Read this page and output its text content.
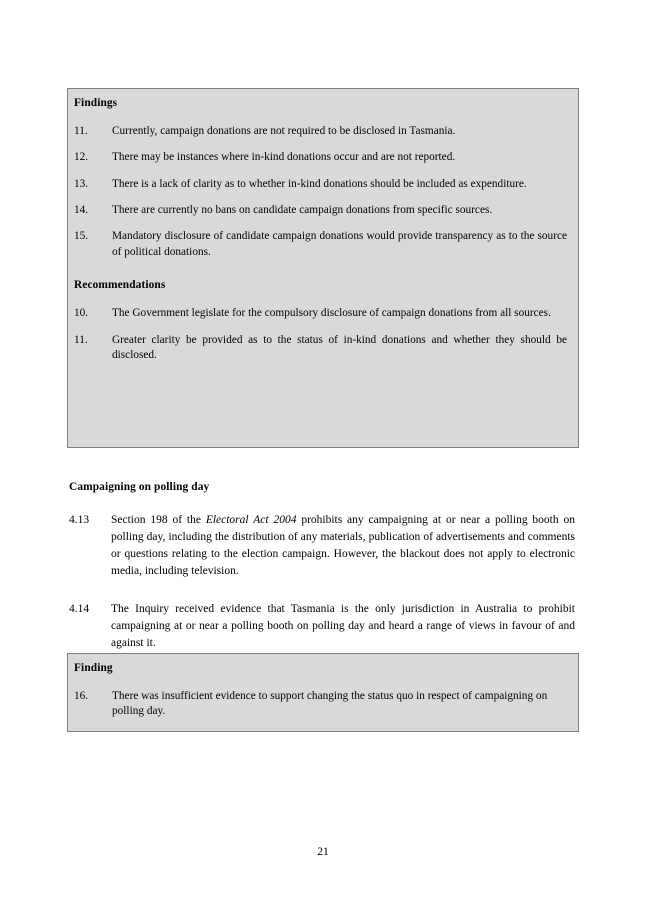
Findings
11.	Currently, campaign donations are not required to be disclosed in Tasmania.
12.	There may be instances where in-kind donations occur and are not reported.
13.	There is a lack of clarity as to whether in-kind donations should be included as expenditure.
14.	There are currently no bans on candidate campaign donations from specific sources.
15.	Mandatory disclosure of candidate campaign donations would provide transparency as to the source of political donations.
Recommendations
10.	The Government legislate for the compulsory disclosure of campaign donations from all sources.
11.	Greater clarity be provided as to the status of in-kind donations and whether they should be disclosed.
Campaigning on polling day
4.13	Section 198 of the Electoral Act 2004 prohibits any campaigning at or near a polling booth on polling day, including the distribution of any materials, publication of advertisements and comments or questions relating to the election campaign. However, the blackout does not apply to electronic media, including television.
4.14	The Inquiry received evidence that Tasmania is the only jurisdiction in Australia to prohibit campaigning at or near a polling booth on polling day and heard a range of views in favour of and against it.
Finding
16.	There was insufficient evidence to support changing the status quo in respect of campaigning on polling day.
21
